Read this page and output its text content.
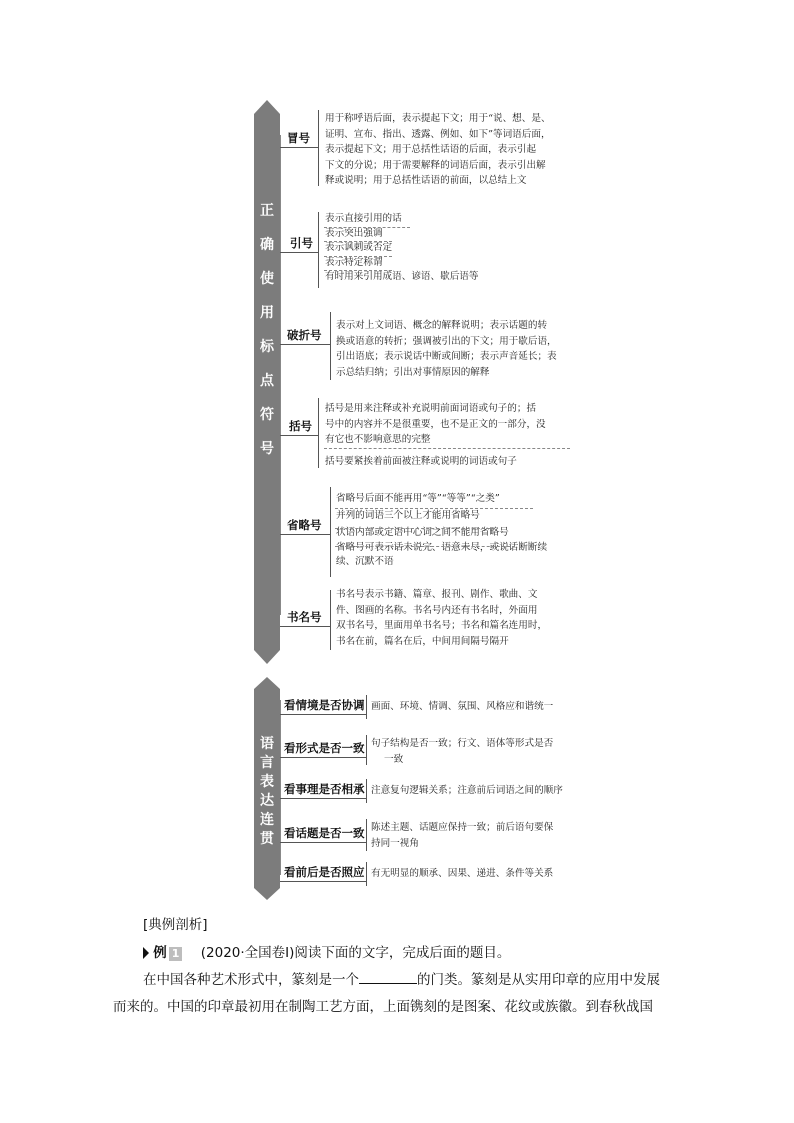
正
确
使
用
标
点
符
号
冒号

用于称呼语后面，表示提起下文；用于“说、想、是、

证明、宣布、指出、透露、例如、如下”等词语后面，

表示提起下文；用于总括性话语的后面，表示引起

下文的分说；用于需要解释的词语后面，表示引出解

释或说明；用于总括性话语的前面，以总结上文

引号

表示直接引用的话

表示突出强调

表示讽刺或否定

表示特定称谓

有时用来引用成语、谚语、歇后语等

破折号

表示对上文词语、概念的解释说明；表示话题的转

换或语意的转折；强调被引出的下文；用于歇后语，

引出语底；表示说话中断或间断；表示声音延长；表

示总结归纳；引出对事情原因的解释

括号

括号是用来注释或补充说明前面词语或句子的；括

号中的内容并不是很重要，也不是正文的一部分，没

有它也不影响意思的完整

括号要紧挨着前面被注释或说明的词语或句子

省略号

省略号后面不能再用“等”“等等”“之类”

并列的词语三个以上才能用省略号

状语内部或定语中心词之间不能用省略号

省略号可表示话未说完、语意未尽，或说话断断续

续、沉默不语

书名号

书名号表示书籍、篇章、报刊、剧作、歌曲、文

件、图画的名称。书名号内还有书名时，外面用

双书名号，里面用单书名号；书名和篇名连用时，

书名在前，篇名在后，中间用间隔号隔开

语
言
表
达
连
贯
看情境是否协调 画面、环境、情调、氛围、风格应和谐统一

看形式是否一致 句子结构是否一致；行文、语体等形式是否

一致

看事理是否相承 注意复句逻辑关系；注意前后词语之间的顺序

看话题是否一致 陈述主题、话题应保持一致；前后语句要保

持同一视角

看前后是否照应 有无明显的顺承、因果、递进、条件等关系

[典例剖析]
例 1 (2020·全国卷Ⅰ)阅读下面的文字，完成后面的题目。
在中国各种艺术形式中，篆刻是一个	的门类。篆刻是从实用印章的应用中发展
而来的。中国的印章最初用在制陶工艺方面，上面镌刻的是图案、花纹或族徽。到春秋战国
